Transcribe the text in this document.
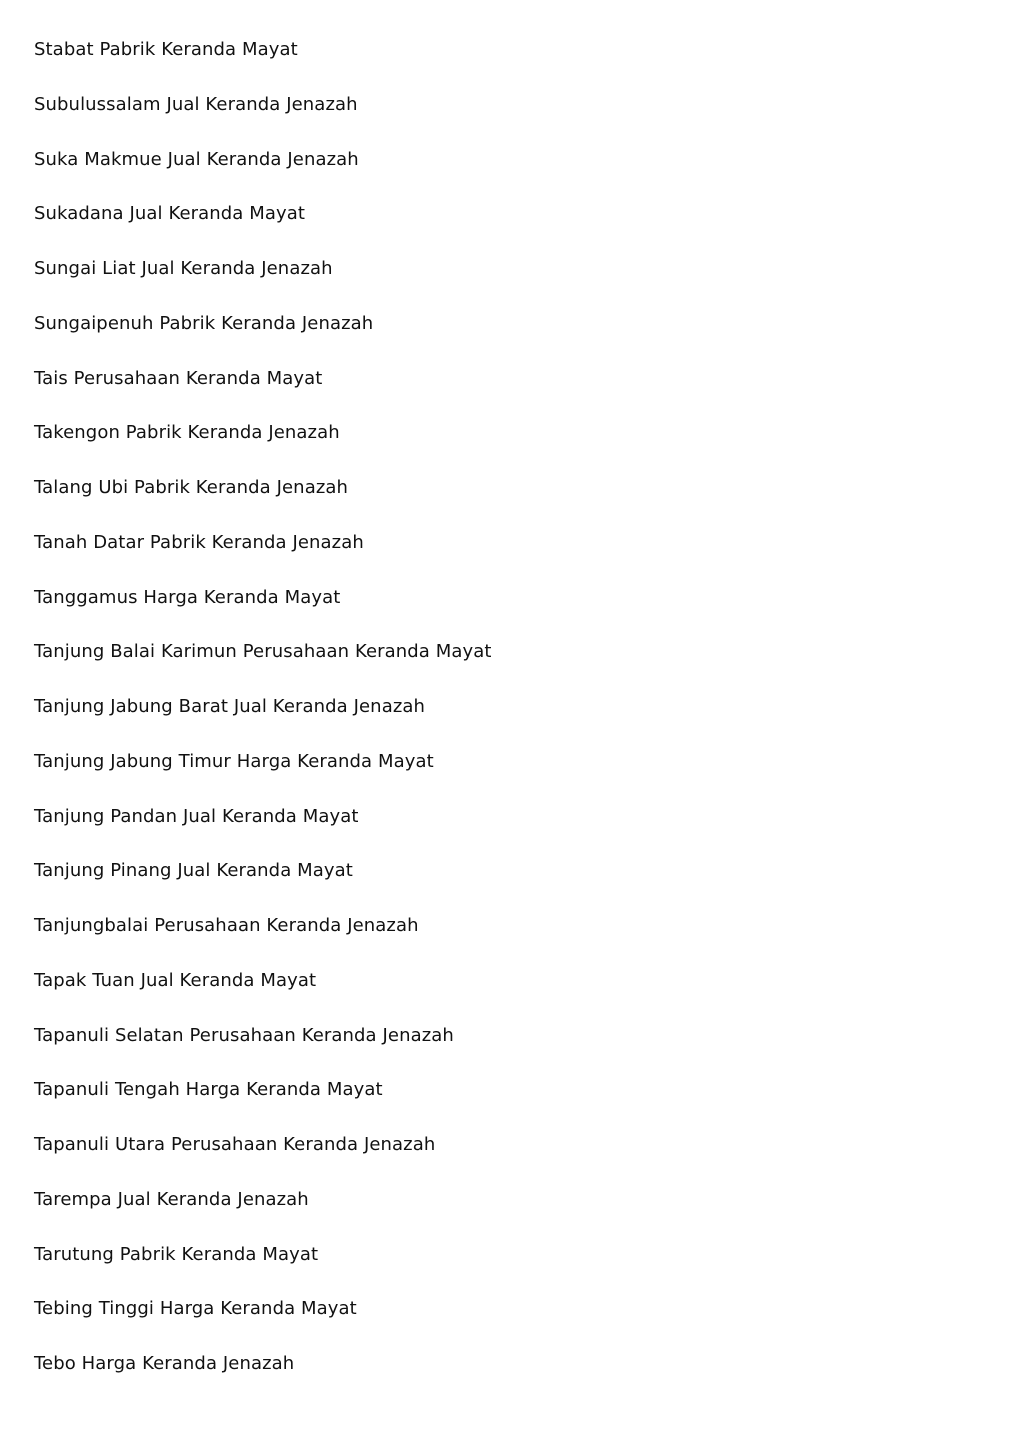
Stabat Pabrik Keranda Mayat
Subulussalam Jual Keranda Jenazah
Suka Makmue Jual Keranda Jenazah
Sukadana Jual Keranda Mayat
Sungai Liat Jual Keranda Jenazah
Sungaipenuh Pabrik Keranda Jenazah
Tais Perusahaan Keranda Mayat
Takengon Pabrik Keranda Jenazah
Talang Ubi Pabrik Keranda Jenazah
Tanah Datar Pabrik Keranda Jenazah
Tanggamus Harga Keranda Mayat
Tanjung Balai Karimun Perusahaan Keranda Mayat
Tanjung Jabung Barat Jual Keranda Jenazah
Tanjung Jabung Timur Harga Keranda Mayat
Tanjung Pandan Jual Keranda Mayat
Tanjung Pinang Jual Keranda Mayat
Tanjungbalai Perusahaan Keranda Jenazah
Tapak Tuan Jual Keranda Mayat
Tapanuli Selatan Perusahaan Keranda Jenazah
Tapanuli Tengah Harga Keranda Mayat
Tapanuli Utara Perusahaan Keranda Jenazah
Tarempa Jual Keranda Jenazah
Tarutung Pabrik Keranda Mayat
Tebing Tinggi Harga Keranda Mayat
Tebo Harga Keranda Jenazah
